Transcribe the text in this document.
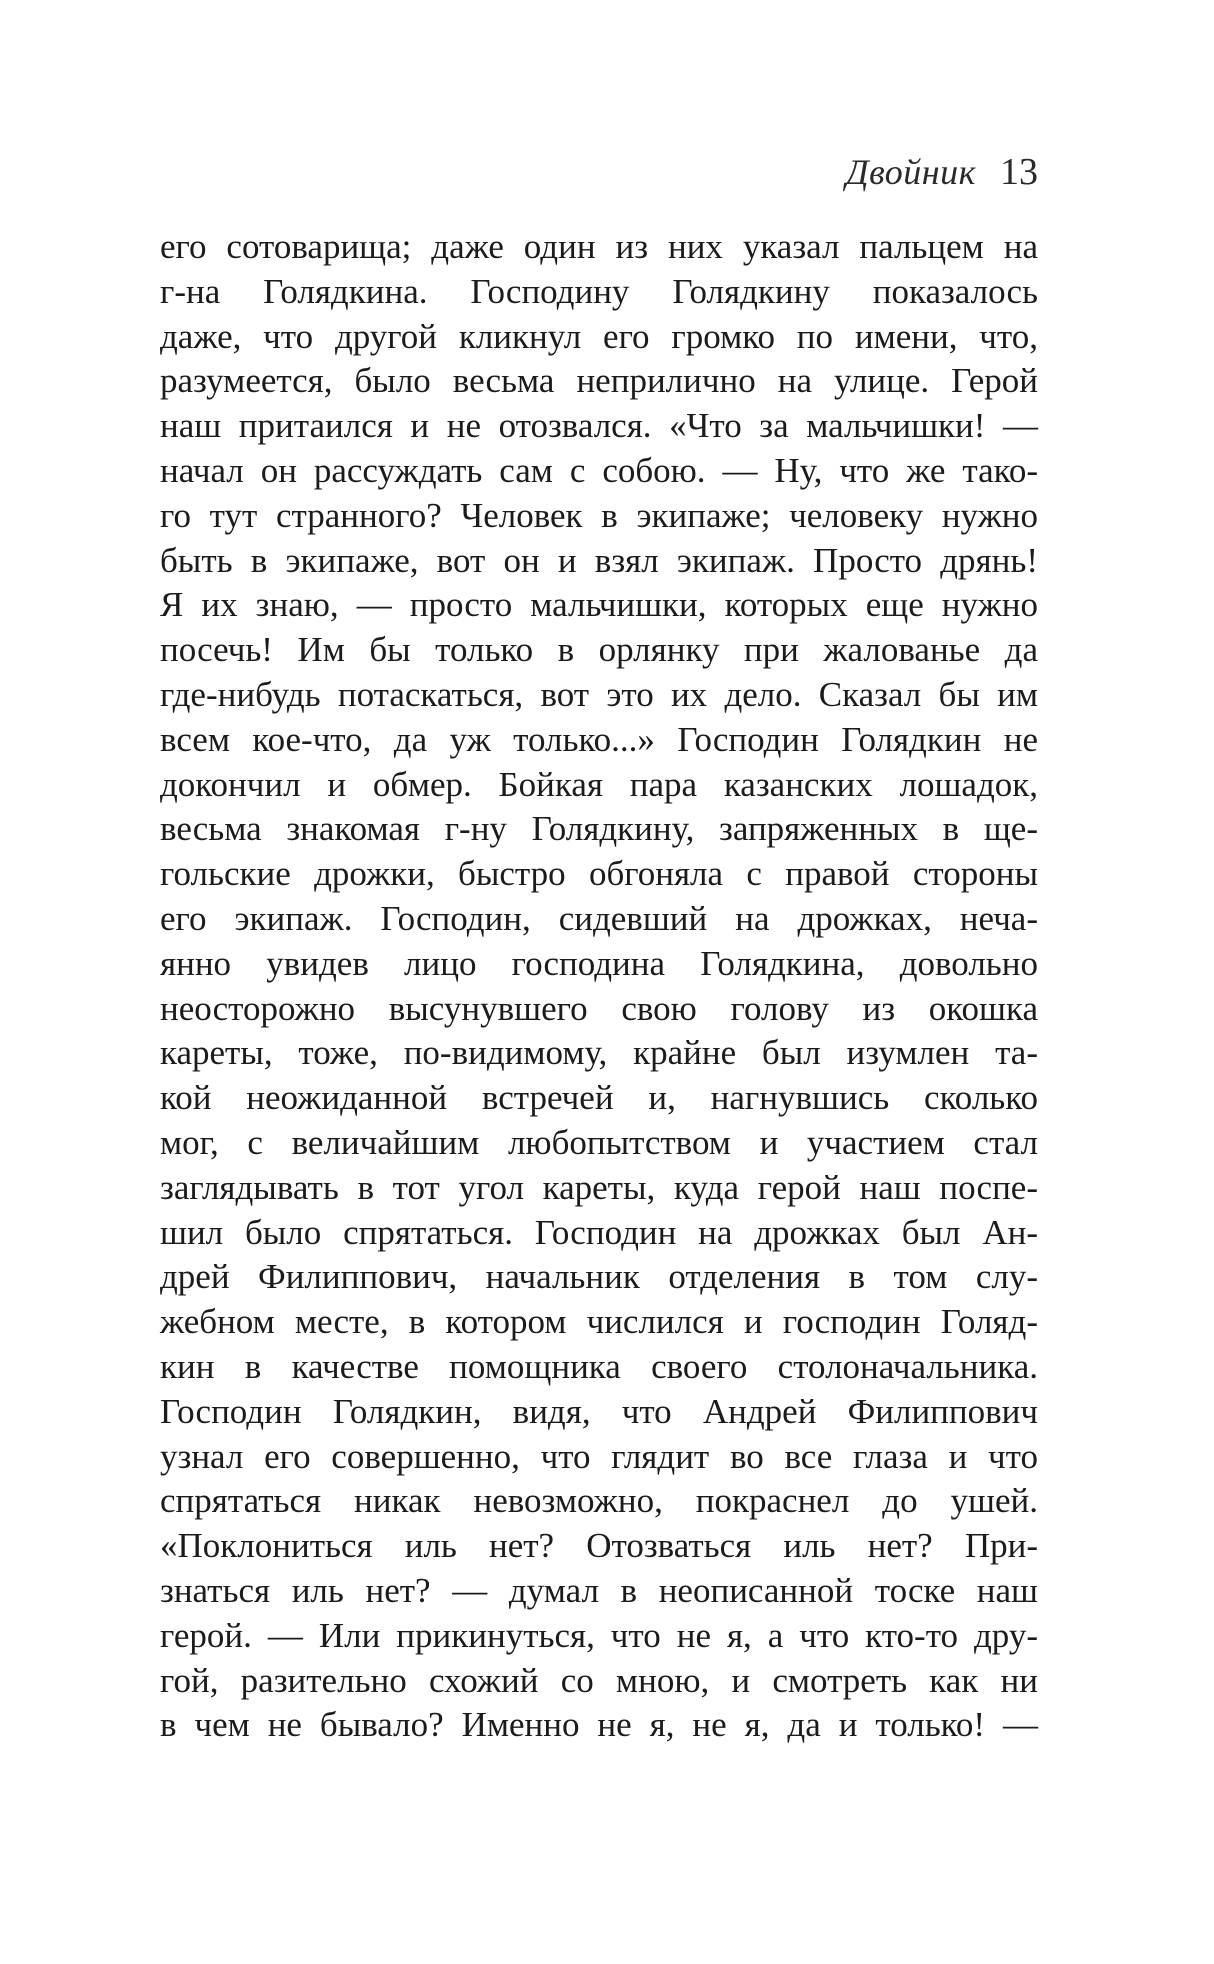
Двойник 13
его сотоварища; даже один из них указал пальцем на
г-на Голядкина. Господину Голядкину показалось
даже, что другой кликнул его громко по имени, что,
разумеется, было весьма неприлично на улице. Герой
наш притаился и не отозвался. «Что за мальчишки! —
начал он рассуждать сам с собою. — Ну, что же тако-
го тут странного? Человек в экипаже; человеку нужно
быть в экипаже, вот он и взял экипаж. Просто дрянь!
Я их знаю, — просто мальчишки, которых еще нужно
посечь! Им бы только в орлянку при жалованье да
где-нибудь потаскаться, вот это их дело. Сказал бы им
всем кое-что, да уж только...» Господин Голядкин не
докончил и обмер. Бойкая пара казанских лошадок,
весьма знакомая г-ну Голядкину, запряженных в ще-
гольские дрожки, быстро обгоняла с правой стороны
его экипаж. Господин, сидевший на дрожках, неча-
янно увидев лицо господина Голядкина, довольно
неосторожно высунувшего свою голову из окошка
кареты, тоже, по-видимому, крайне был изумлен та-
кой неожиданной встречей и, нагнувшись сколько
мог, с величайшим любопытством и участием стал
заглядывать в тот угол кареты, куда герой наш поспе-
шил было спрятаться. Господин на дрожках был Ан-
дрей Филиппович, начальник отделения в том слу-
жебном месте, в котором числился и господин Голяд-
кин в качестве помощника своего столоначальника.
Господин Голядкин, видя, что Андрей Филиппович
узнал его совершенно, что глядит во все глаза и что
спрятаться никак невозможно, покраснел до ушей.
«Поклониться иль нет? Отозваться иль нет? При-
знаться иль нет? — думал в неописанной тоске наш
герой. — Или прикинуться, что не я, а что кто-то дру-
гой, разительно схожий со мною, и смотреть как ни
в чем не бывало? Именно не я, не я, да и только! —
